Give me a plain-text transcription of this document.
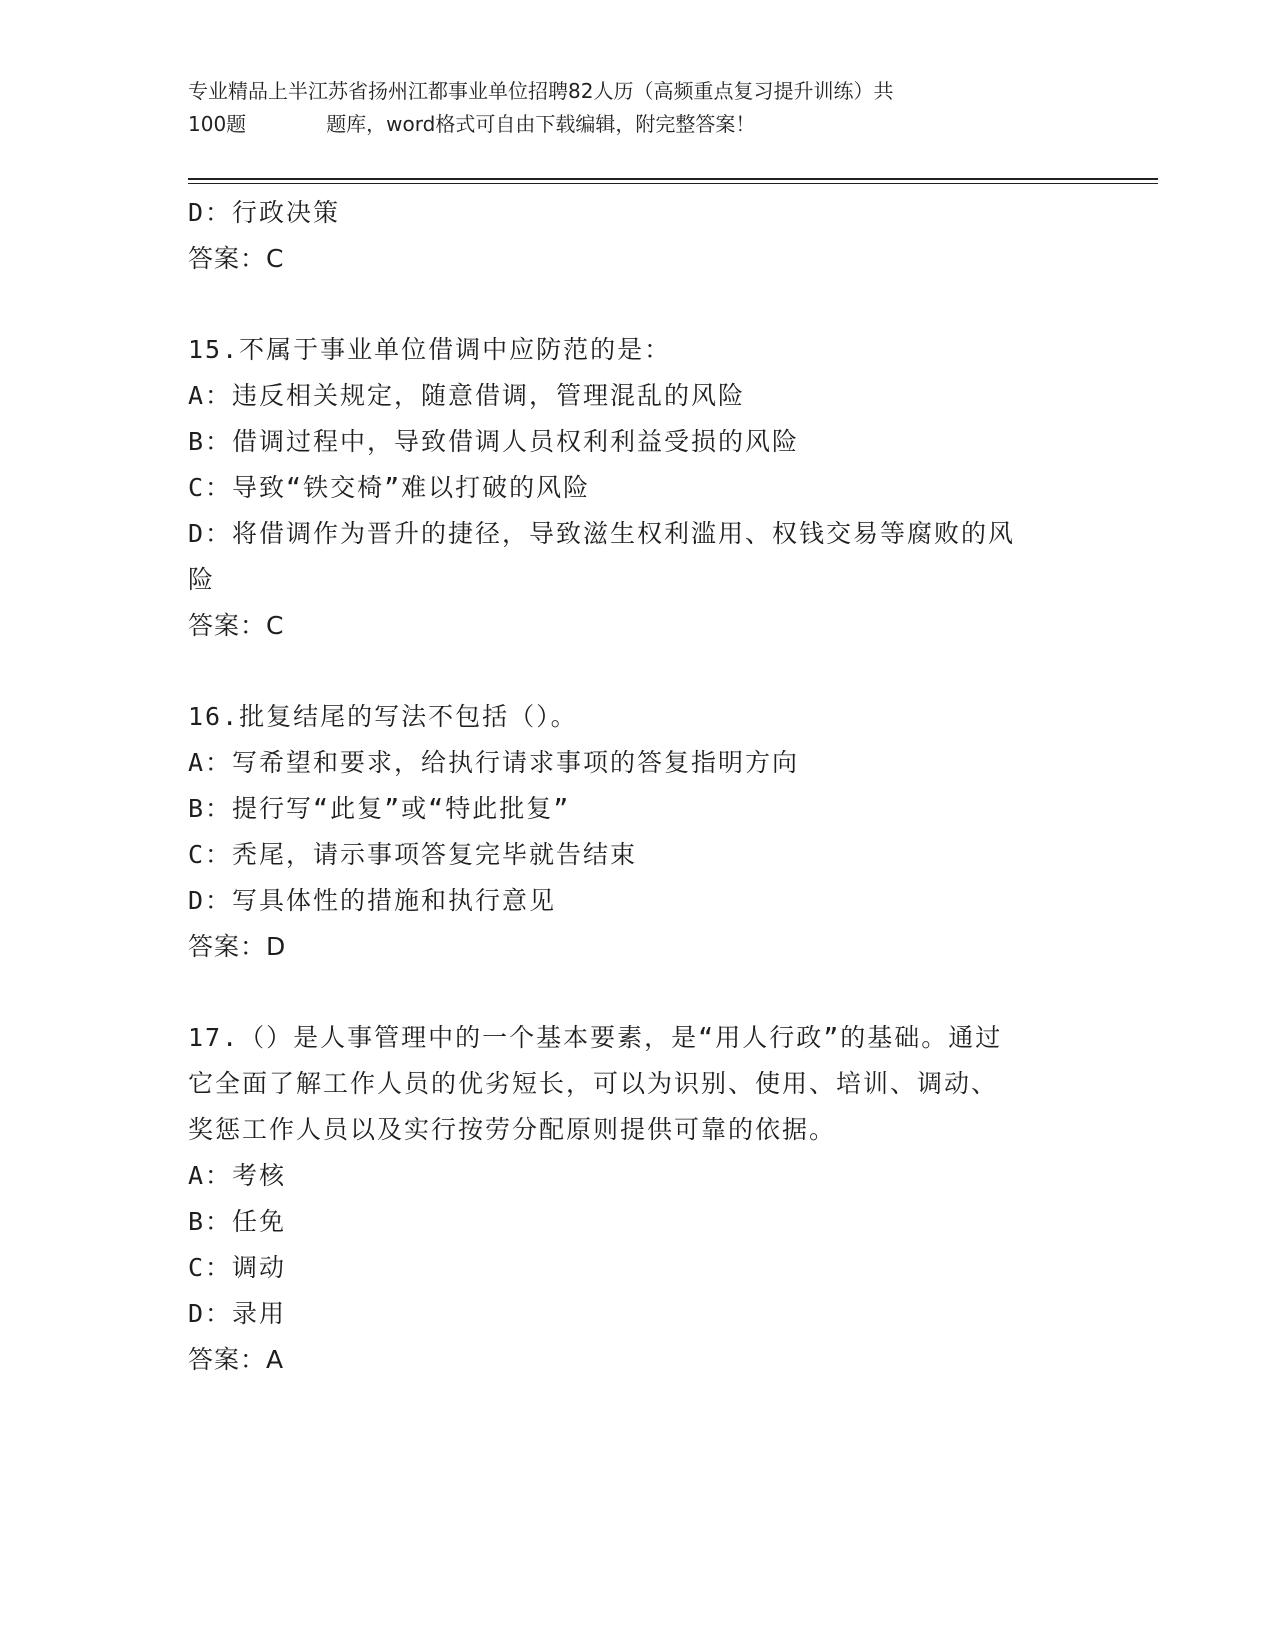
专业精品上半江苏省扬州江都事业单位招聘82人历（高频重点复习提升训练）共
100题	题库，word格式可自由下载编辑，附完整答案！
D：行政决策
答案：C
15.不属于事业单位借调中应防范的是：
A：违反相关规定，随意借调，管理混乱的风险
B：借调过程中，导致借调人员权利利益受损的风险
C：导致“铁交椅”难以打破的风险
D：将借调作为晋升的捷径，导致滋生权利滥用、权钱交易等腐败的风
险
答案：C
16.批复结尾的写法不包括（）。
A：写希望和要求，给执行请求事项的答复指明方向
B：提行写“此复”或“特此批复”
C：秃尾，请示事项答复完毕就告结束
D：写具体性的措施和执行意见
答案：D
17.（）是人事管理中的一个基本要素，是“用人行政”的基础。通过
它全面了解工作人员的优劣短长，可以为识别、使用、培训、调动、
奖惩工作人员以及实行按劳分配原则提供可靠的依据。
A：考核
B：任免
C：调动
D：录用
答案：A
